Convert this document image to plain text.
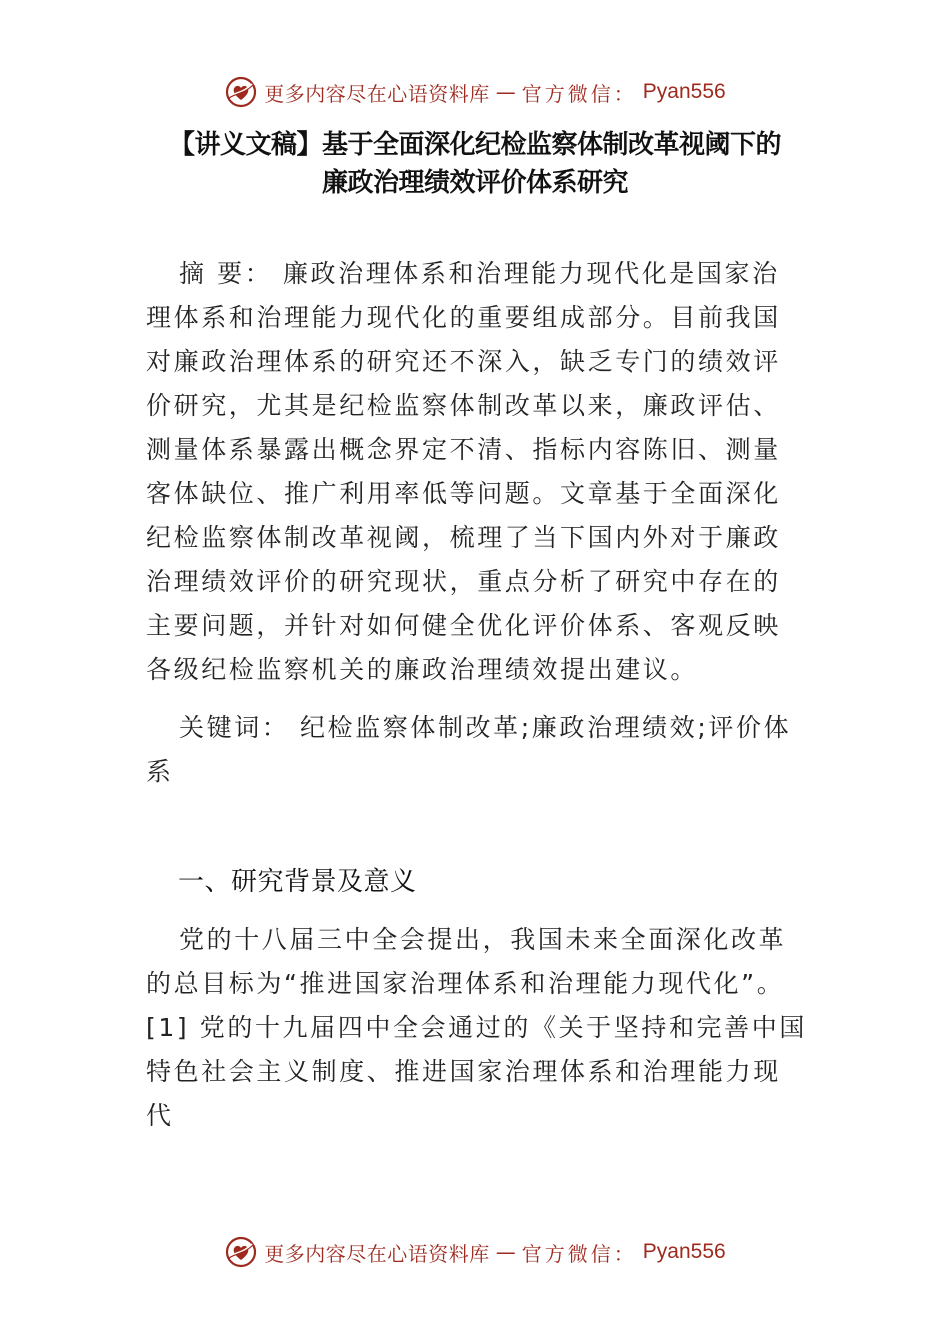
更多内容尽在心语资料库 — 官方微信： Pyan556
【讲义文稿】基于全面深化纪检监察体制改革视阈下的
廉政治理绩效评价体系研究
摘 要： 廉政治理体系和治理能力现代化是国家治
理体系和治理能力现代化的重要组成部分。目前我国
对廉政治理体系的研究还不深入，缺乏专门的绩效评
价研究，尤其是纪检监察体制改革以来，廉政评估、
测量体系暴露出概念界定不清、指标内容陈旧、测量
客体缺位、推广利用率低等问题。文章基于全面深化
纪检监察体制改革视阈，梳理了当下国内外对于廉政
治理绩效评价的研究现状，重点分析了研究中存在的
主要问题，并针对如何健全优化评价体系、客观反映
各级纪检监察机关的廉政治理绩效提出建议。
关键词： 纪检监察体制改革;廉政治理绩效;评价体
系
一、研究背景及意义
党的十八届三中全会提出，我国未来全面深化改革
的总目标为“推进国家治理体系和治理能力现代化”。
[1] 党的十九届四中全会通过的《关于坚持和完善中国
特色社会主义制度、推进国家治理体系和治理能力现
代
更多内容尽在心语资料库 — 官方微信： Pyan556
